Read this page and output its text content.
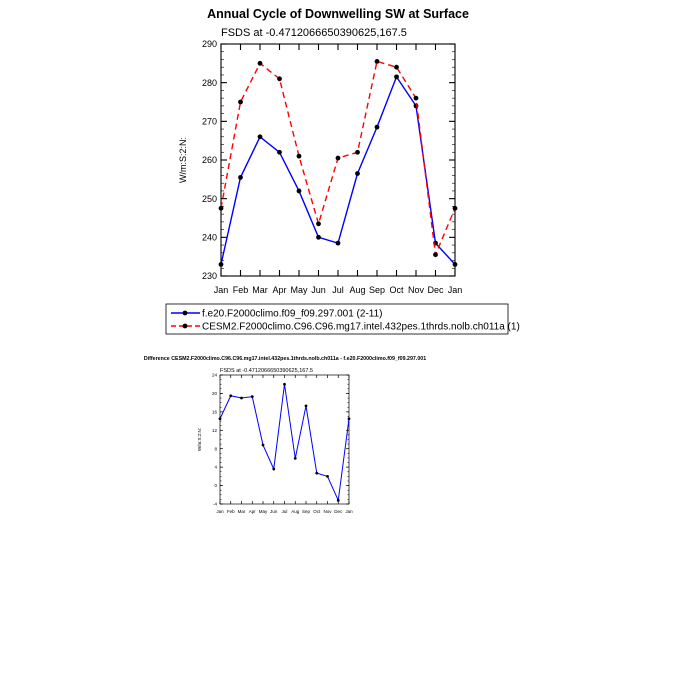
Annual Cycle of Downwelling SW at Surface
FSDS at -0.4712066650390625,167.5
230
240
250
260
270
280
290
Jan Feb Mar Apr May Jun Jul Aug Sep Oct Nov Dec Jan
W/m:S:2:N:
f.e20.F2000climo.f09_f09.297.001 (2-11)
CESM2.F2000climo.C96.C96.mg17.intel.432pes.1thrds.nolb.ch011a (1)
Difference CESM2.F2000climo.C96.C96.mg17.intel.432pes.1thrds.nolb.ch011a - f.e20.F2000climo.f09_f09.297.001
FSDS at -0.4712066650390625,167.5
-4
0
4
8
12
16
20
24
Jan Feb Mar Apr May Jun Jul Aug Sep Oct Nov Dec Jan
W/m:S:2:N:
